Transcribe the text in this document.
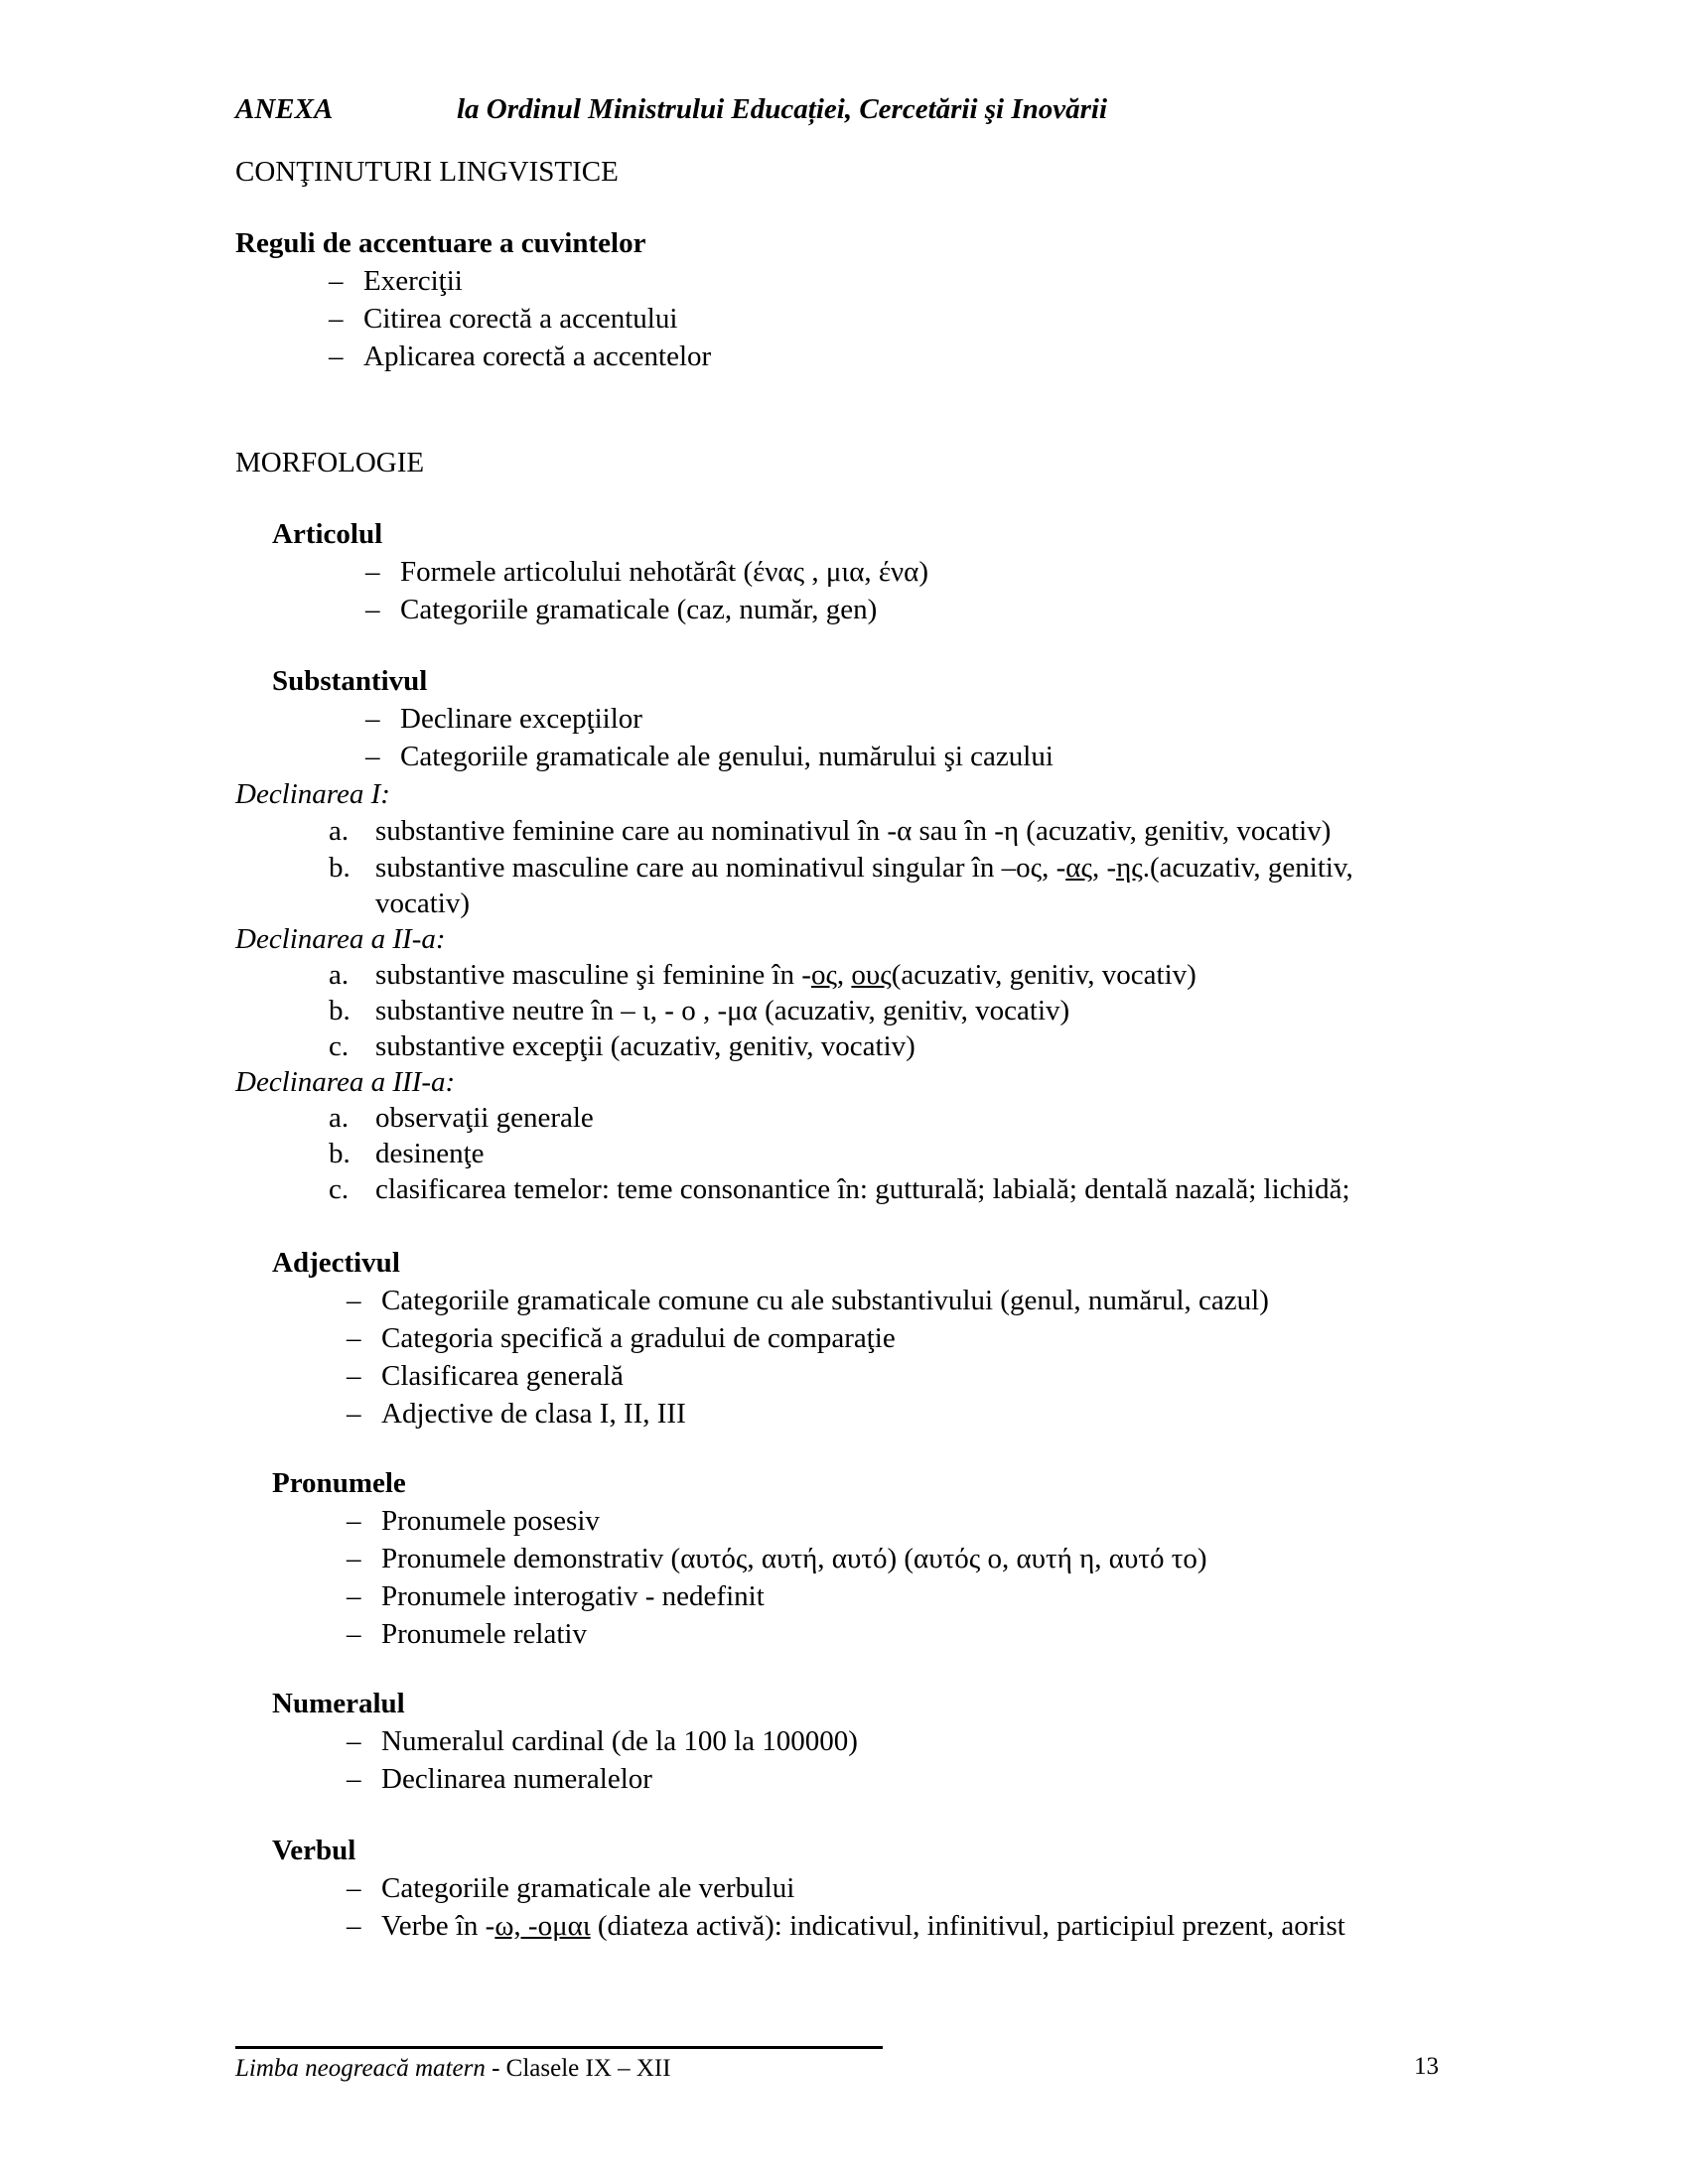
ANEXA	la Ordinul Ministrului Educației, Cercetării şi Inovării
CONŢINUTURI LINGVISTICE
Reguli de accentuare a cuvintelor
– Exerciţii
– Citirea corectă a accentului
– Aplicarea corectă a accentelor
MORFOLOGIE
Articolul
– Formele articolului nehotărât (ένας , μια, ένα)
– Categoriile gramaticale (caz, număr, gen)
Substantivul
– Declinare excepţiilor
– Categoriile gramaticale ale genului, numărului şi cazului
Declinarea I:
a. substantive feminine care au nominativul în -α sau în -η (acuzativ, genitiv, vocativ)
b. substantive masculine care au nominativul singular în –ος, -ας, -ης.(acuzativ, genitiv,
vocativ)
Declinarea a II-a:
a. substantive masculine şi feminine în -ος, ους(acuzativ, genitiv, vocativ)
b. substantive neutre în – ι, - ο , -μα (acuzativ, genitiv, vocativ)
c. substantive excepţii (acuzativ, genitiv, vocativ)
Declinarea a III-a:
a. observaţii generale
b. desinenţe
c. clasificarea temelor: teme consonantice în: gutturală; labială; dentală nazală; lichidă;
Adjectivul
– Categoriile gramaticale comune cu ale substantivului (genul, numărul, cazul)
– Categoria specifică a gradului de comparaţie
– Clasificarea generală
– Adjective de clasa I, II, III
Pronumele
– Pronumele posesiv
– Pronumele demonstrativ (αυτός, αυτή, αυτό) (αυτός ο, αυτή η, αυτό το)
– Pronumele interogativ - nedefinit
– Pronumele relativ
Numeralul
– Numeralul cardinal (de la 100 la 100000)
– Declinarea numeralelor
Verbul
– Categoriile gramaticale ale verbului
– Verbe în -ω, -ομαι (diateza activă): indicativul, infinitivul, participiul prezent, aorist
Limba neogreacă matern - Clasele IX – XII	13
